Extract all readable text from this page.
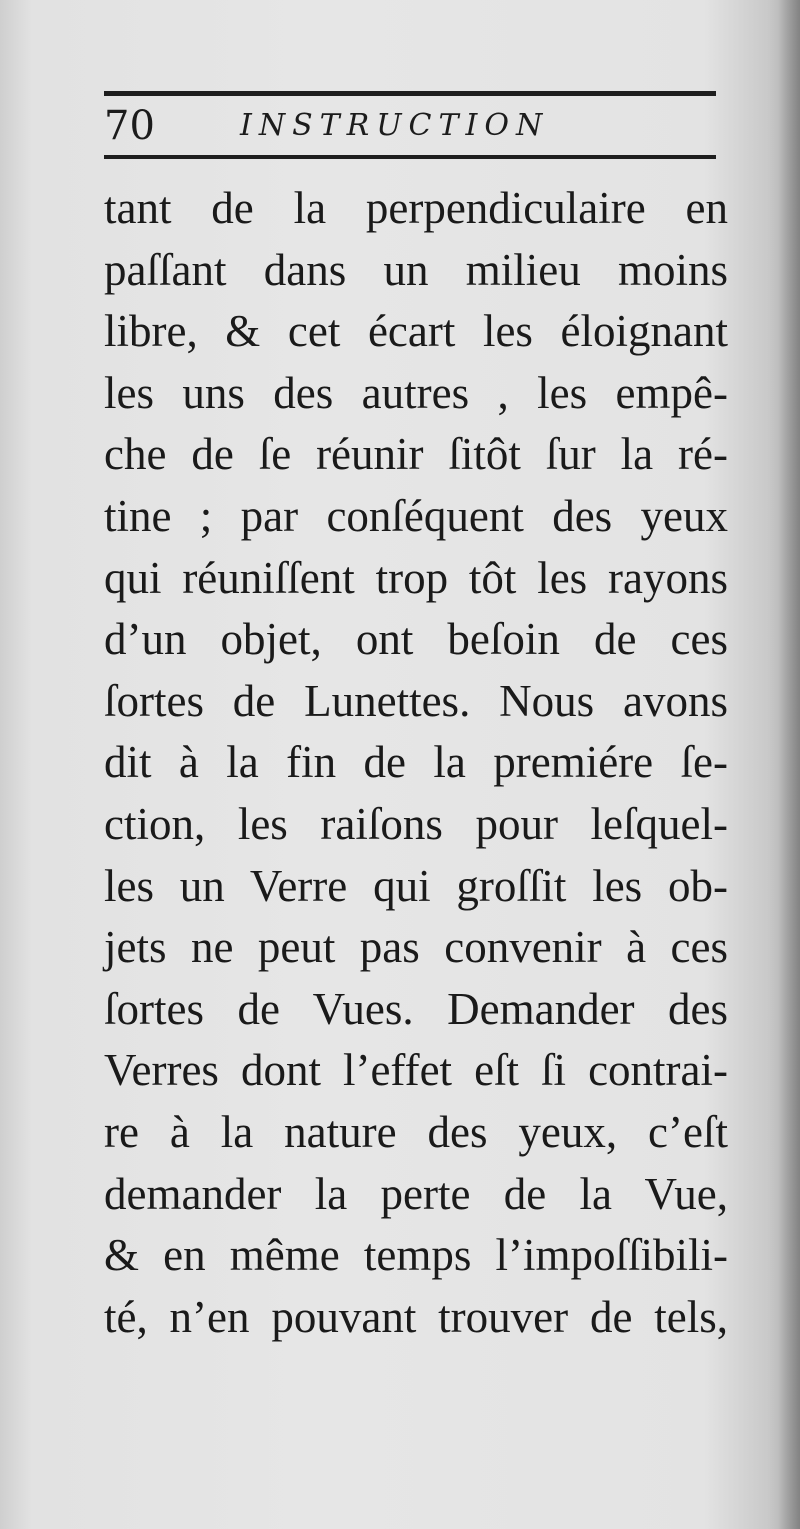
70	INSTRUCTION
tant de la perpendiculaire en
paſſant dans un milieu moins
libre, & cet écart les éloignant
les uns des autres , les empê-
che de ſe réunir ſitôt ſur la ré-
tine ; par conſéquent des yeux
qui réuniſſent trop tôt les rayons
d’un objet, ont beſoin de ces
ſortes de Lunettes. Nous avons
dit à la fin de la premiére ſe-
ction, les raiſons pour leſquel-
les un Verre qui groſſit les ob-
jets ne peut pas convenir à ces
ſortes de Vues. Demander des
Verres dont l’effet eſt ſi contrai-
re à la nature des yeux, c’eſt
demander la perte de la Vue,
& en même temps l’impoſſibili-
té, n’en pouvant trouver de tels,
